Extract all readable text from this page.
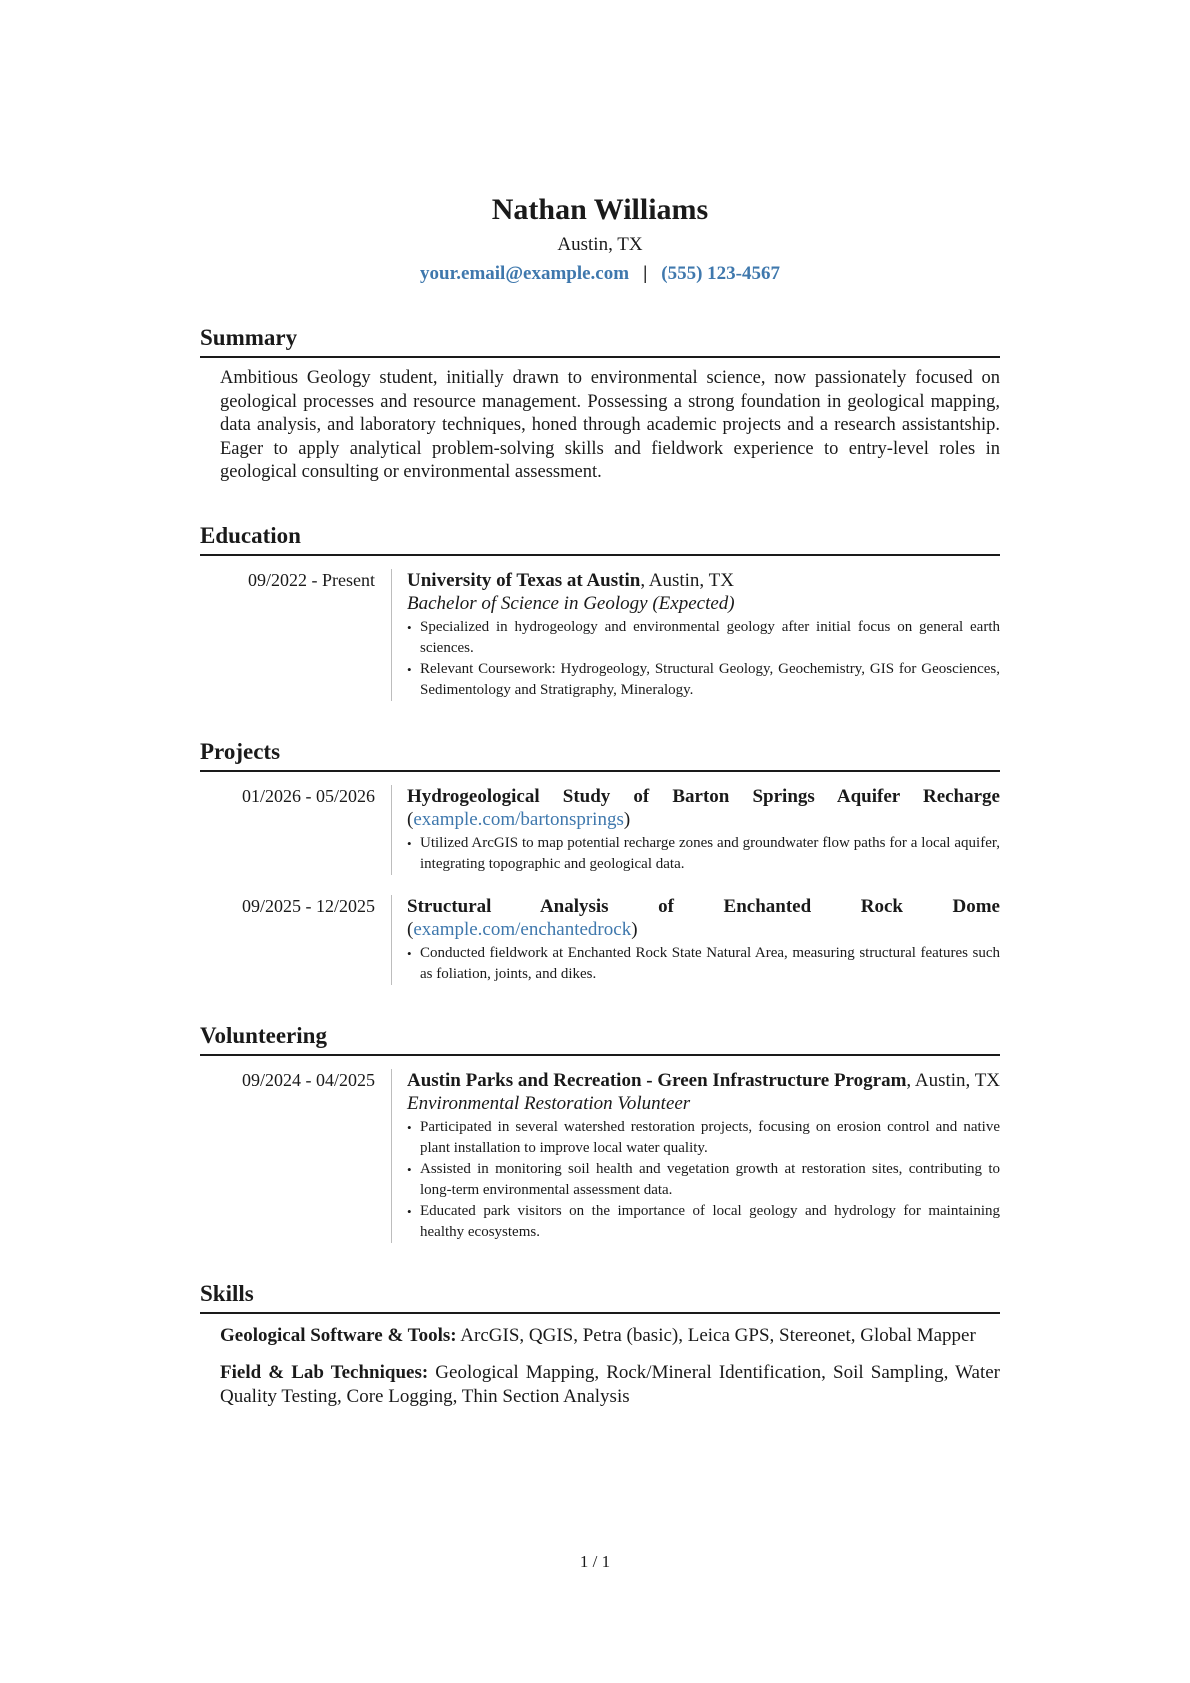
Nathan Williams
Austin, TX
your.email@example.com | (555) 123-4567
Summary
Ambitious Geology student, initially drawn to environmental science, now passionately focused on geological processes and resource management. Possessing a strong foundation in geological mapping, data analysis, and laboratory techniques, honed through academic projects and a research assistantship. Eager to apply analytical problem-solving skills and fieldwork experience to entry-level roles in geological consulting or environmental assessment.
Education
09/2022 - Present	University of Texas at Austin, Austin, TX
Bachelor of Science in Geology (Expected)
• Specialized in hydrogeology and environmental geology after initial focus on general earth sciences.
• Relevant Coursework: Hydrogeology, Structural Geology, Geochemistry, GIS for Geosciences, Sedimentology and Stratigraphy, Mineralogy.
Projects
01/2026 - 05/2026	Hydrogeological Study of Barton Springs Aquifer Recharge (example.com/bartonsprings)
• Utilized ArcGIS to map potential recharge zones and groundwater flow paths for a local aquifer, integrating topographic and geological data.
09/2025 - 12/2025	Structural Analysis of Enchanted Rock Dome (example.com/enchantedrock)
• Conducted fieldwork at Enchanted Rock State Natural Area, measuring structural features such as foliation, joints, and dikes.
Volunteering
09/2024 - 04/2025	Austin Parks and Recreation - Green Infrastructure Program, Austin, TX
Environmental Restoration Volunteer
• Participated in several watershed restoration projects, focusing on erosion control and native plant installation to improve local water quality.
• Assisted in monitoring soil health and vegetation growth at restoration sites, contributing to long-term environmental assessment data.
• Educated park visitors on the importance of local geology and hydrology for maintaining healthy ecosystems.
Skills
Geological Software & Tools: ArcGIS, QGIS, Petra (basic), Leica GPS, Stereonet, Global Mapper
Field & Lab Techniques: Geological Mapping, Rock/Mineral Identification, Soil Sampling, Water Quality Testing, Core Logging, Thin Section Analysis
1 / 1
